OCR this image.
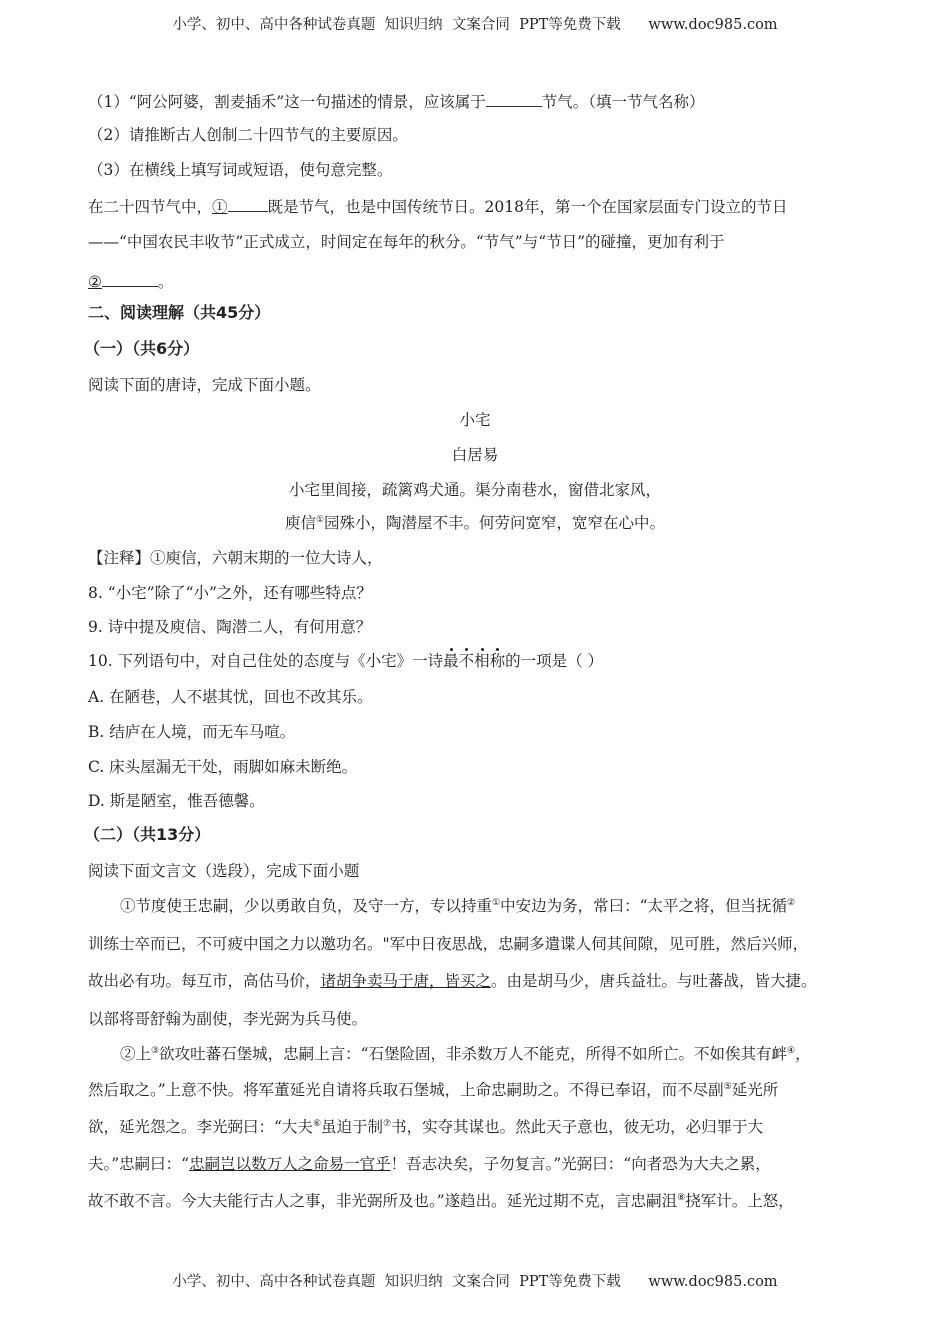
小学、初中、高中各种试卷真题  知识归纳  文案合同  PPT等免费下载      www.doc985.com
（1）“阿公阿婆，割麦插禾”这一句描述的情景，应该属于	节气。（填一节气名称）
（2）请推断古人创制二十四节气的主要原因。
（3）在横线上填写词或短语，使句意完整。
在二十四节气中，①	既是节气，也是中国传统节日。2018年，第一个在国家层面专门设立的节日
——“中国农民丰收节”正式成立，时间定在每年的秋分。“节气”与“节日”的碰撞，更加有利于
②	。
二、阅读理解（共45分）
（一）（共6分）
阅读下面的唐诗，完成下面小题。
小宅
白居易
小宅里闾接，疏篱鸡犬通。渠分南巷水，窗借北家风，
庾信①园殊小，陶潜屋不丰。何劳问宽窄，宽窄在心中。
【注释】①庾信，六朝末期的一位大诗人，
8. “小宅”除了“小”之外，还有哪些特点？
9. 诗中提及庾信、陶潜二人，有何用意？
10. 下列语句中，对自己住处的态度与《小宅》一诗最不相称的一项是（ ）
A. 在陋巷，人不堪其忧，回也不改其乐。
B. 结庐在人境，而无车马喧。
C. 床头屋漏无干处，雨脚如麻未断绝。
D. 斯是陋室，惟吾德馨。
（二）（共13分）
阅读下面文言文（选段），完成下面小题
①节度使王忠嗣，少以勇敢自负，及守一方，专以持重①中安边为务，常曰：“太平之将，但当抚循②
训练士卒而已，不可疲中国之力以邀功名。"军中日夜思战，忠嗣多遣谍人伺其间隙，见可胜，然后兴师，
故出必有功。每互市，高估马价，诸胡争卖马于唐，皆买之。由是胡马少，唐兵益壮。与吐蕃战，皆大捷。
以部将哥舒翰为副使，李光弼为兵马使。
②上③欲攻吐蕃石堡城，忠嗣上言：“石堡险固，非杀数万人不能克，所得不如所亡。不如俟其有衅④，
然后取之。”上意不快。将军董延光自请将兵取石堡城，上命忠嗣助之。不得已奉诏，而不尽副⑤延光所
欲，延光怨之。李光弼曰：“大夫⑥虽迫于制⑦书，实夺其谋也。然此天子意也，彼无功，必归罪于大
夫。”忠嗣曰：“忠嗣岂以数万人之命易一官乎！吾志决矣，子勿复言。”光弼曰：“向者恐为大夫之累，
故不敢不言。今大夫能行古人之事，非光弼所及也。”遂趋出。延光过期不克，言忠嗣沮⑧挠军计。上怒，
小学、初中、高中各种试卷真题  知识归纳  文案合同  PPT等免费下载      www.doc985.com
